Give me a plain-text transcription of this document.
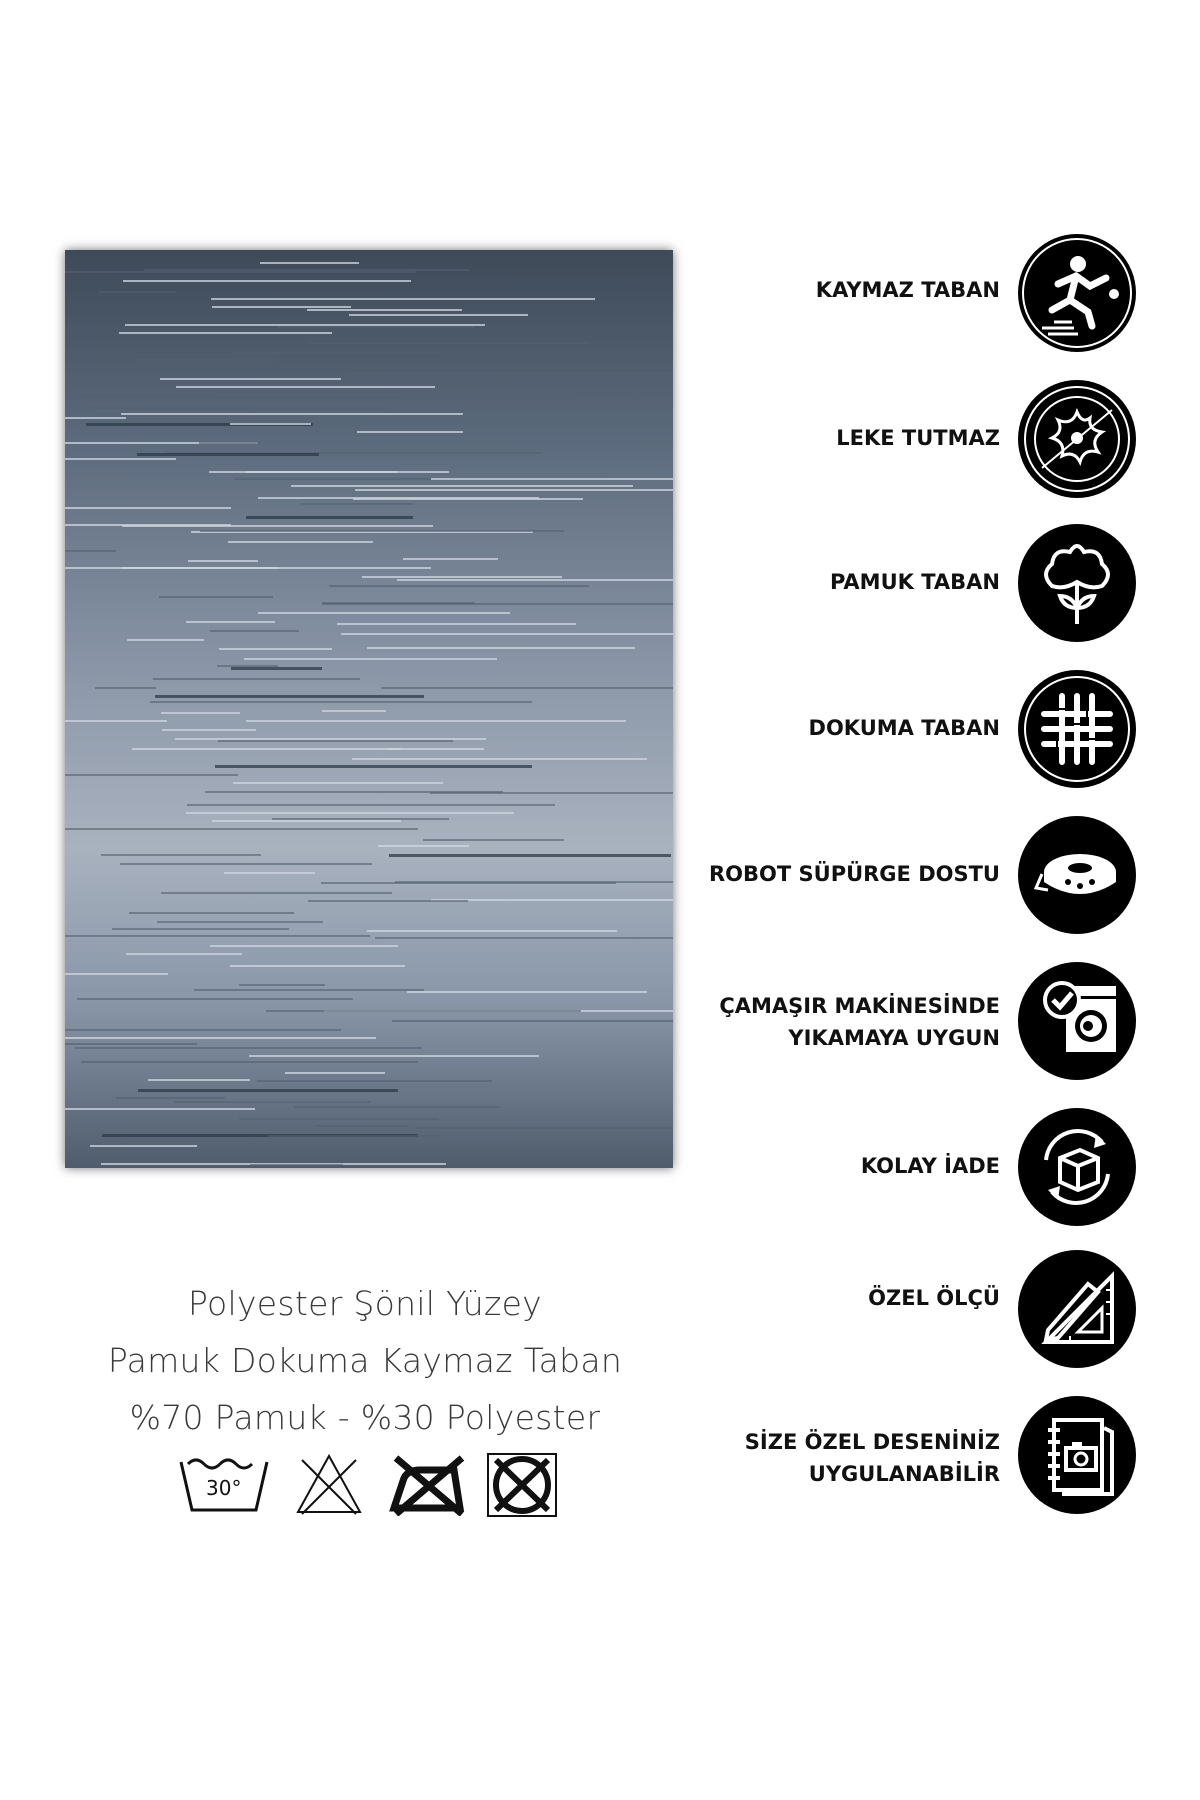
Polyester Şönil Yüzey
Pamuk Dokuma Kaymaz Taban
%70 Pamuk - %30 Polyester
30°
KAYMAZ TABAN
LEKE TUTMAZ
PAMUK TABAN
DOKUMA TABAN
ROBOT SÜPÜRGE DOSTU
ÇAMAŞIR MAKİNESİNDE
YIKAMAYA UYGUN
KOLAY İADE
ÖZEL ÖLÇÜ
SİZE ÖZEL DESENİNİZ
UYGULANABİLİR
